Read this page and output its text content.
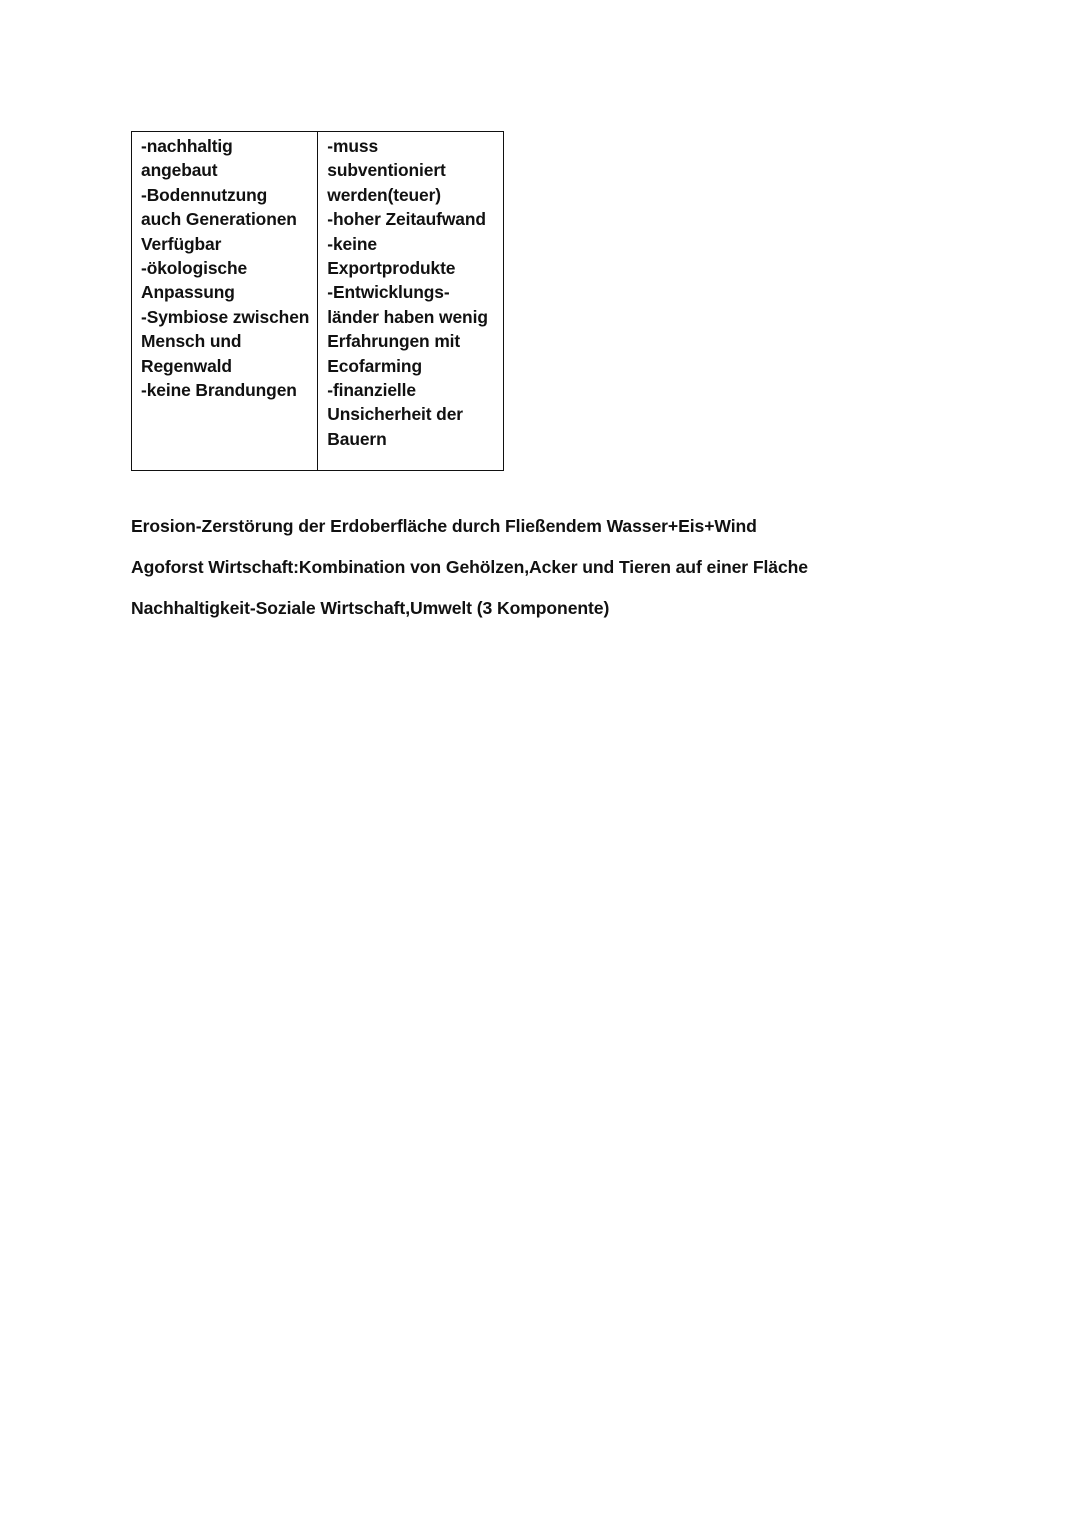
-nachhaltig
angebaut
-Bodennutzung
auch Generationen
Verfügbar
-ökologische
Anpassung
-Symbiose zwischen
Mensch und
Regenwald
-keine Brandungen

-muss
subventioniert
werden(teuer)
-hoher Zeitaufwand
-keine
Exportprodukte
-Entwicklungs-
länder haben wenig
Erfahrungen mit
Ecofarming
-finanzielle
Unsicherheit der
Bauern

Erosion-Zerstörung der Erdoberfläche durch Fließendem Wasser+Eis+Wind

Agoforst Wirtschaft:Kombination von Gehölzen,Acker und Tieren auf einer Fläche

Nachhaltigkeit-Soziale Wirtschaft,Umwelt (3 Komponente)
